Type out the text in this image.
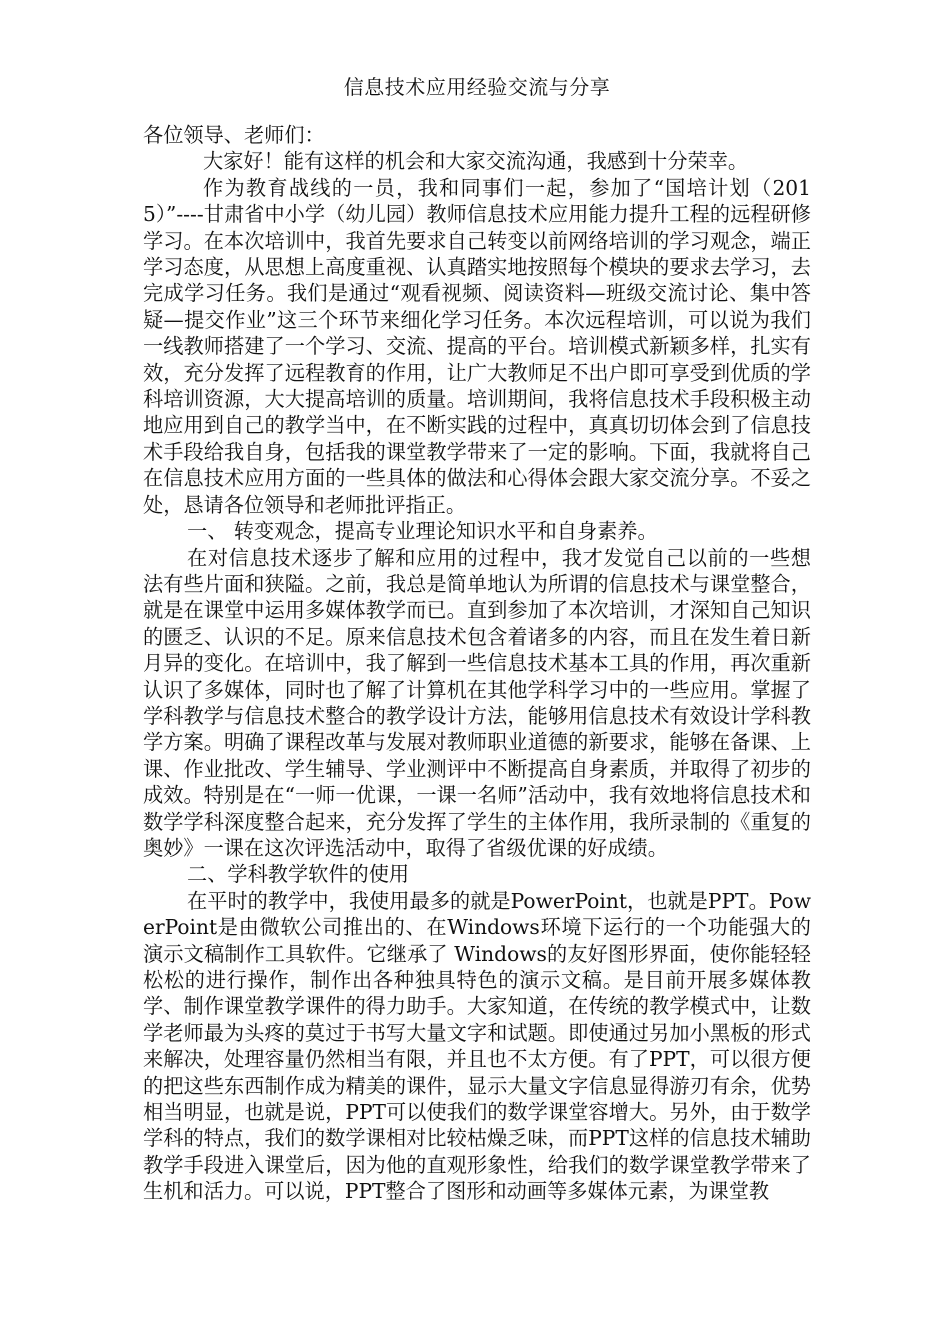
信息技术应用经验交流与分享

各位领导、老师们：

大家好！能有这样的机会和大家交流沟通，我感到十分荣幸。

作为教育战线的一员，我和同事们一起，参加了“国培计划（2015）”----甘肃省中小学（幼儿园）教师信息技术应用能力提升工程的远程研修学习。在本次培训中，我首先要求自己转变以前网络培训的学习观念，端正学习态度，从思想上高度重视、认真踏实地按照每个模块的要求去学习，去完成学习任务。我们是通过“观看视频、阅读资料—班级交流讨论、集中答疑—提交作业”这三个环节来细化学习任务。本次远程培训，可以说为我们一线教师搭建了一个学习、交流、提高的平台。培训模式新颖多样，扎实有效，充分发挥了远程教育的作用，让广大教师足不出户即可享受到优质的学科培训资源，大大提高培训的质量。培训期间，我将信息技术手段积极主动地应用到自己的教学当中，在不断实践的过程中，真真切切体会到了信息技术手段给我自身，包括我的课堂教学带来了一定的影响。下面，我就将自己在信息技术应用方面的一些具体的做法和心得体会跟大家交流分享。不妥之处，恳请各位领导和老师批评指正。

一、 转变观念，提高专业理论知识水平和自身素养。

在对信息技术逐步了解和应用的过程中，我才发觉自己以前的一些想法有些片面和狭隘。之前，我总是简单地认为所谓的信息技术与课堂整合，就是在课堂中运用多媒体教学而已。直到参加了本次培训，才深知自己知识的匮乏、认识的不足。原来信息技术包含着诸多的内容，而且在发生着日新月异的变化。在培训中，我了解到一些信息技术基本工具的作用，再次重新认识了多媒体，同时也了解了计算机在其他学科学习中的一些应用。掌握了学科教学与信息技术整合的教学设计方法，能够用信息技术有效设计学科教学方案。明确了课程改革与发展对教师职业道德的新要求，能够在备课、上课、作业批改、学生辅导、学业测评中不断提高自身素质，并取得了初步的成效。特别是在“一师一优课，一课一名师”活动中，我有效地将信息技术和数学学科深度整合起来，充分发挥了学生的主体作用，我所录制的《重复的奥妙》一课在这次评选活动中，取得了省级优课的好成绩。

二、学科教学软件的使用

在平时的教学中，我使用最多的就是PowerPoint，也就是PPT。PowerPoint是由微软公司推出的、在Windows环境下运行的一个功能强大的演示文稿制作工具软件。它继承了 Windows的友好图形界面，使你能轻轻松松的进行操作，制作出各种独具特色的演示文稿。是目前开展多媒体教学、制作课堂教学课件的得力助手。大家知道，在传统的教学模式中，让数学老师最为头疼的莫过于书写大量文字和试题。即使通过另加小黑板的形式来解决，处理容量仍然相当有限，并且也不太方便。有了PPT，可以很方便的把这些东西制作成为精美的课件，显示大量文字信息显得游刃有余，优势相当明显，也就是说，PPT可以使我们的数学课堂容增大。另外，由于数学学科的特点，我们的数学课相对比较枯燥乏味，而PPT这样的信息技术辅助教学手段进入课堂后，因为他的直观形象性，给我们的数学课堂教学带来了生机和活力。可以说，PPT整合了图形和动画等多媒体元素，为课堂教
